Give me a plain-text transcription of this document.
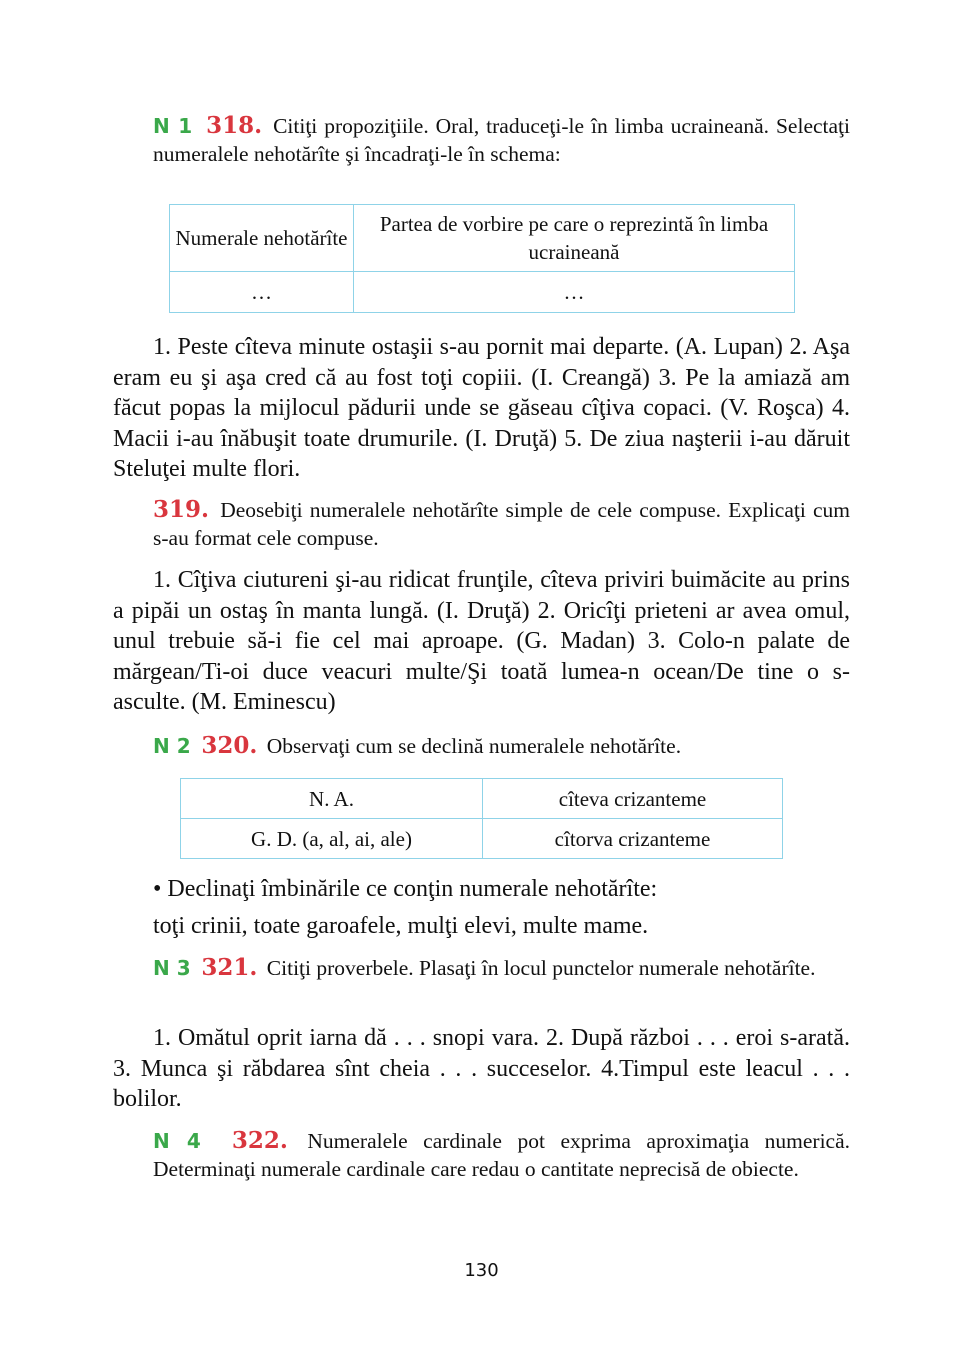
Ν 1 318. Citiţi propoziţiile. Oral, traduceţi-le în limba ucraineană. Selectaţi numeralele nehotărîte şi încadraţi-le în schema:

Numerale nehotărîte	Partea de vorbire pe care o reprezintă în limba ucraineană
…	…

1. Peste cîteva minute ostaşii s-au pornit mai departe. (A. Lupan) 2. Aşa eram eu şi aşa cred că au fost toţi copiii. (I. Creangă) 3. Pe la amiază am făcut popas la mijlocul pădurii unde se găseau cîţiva copaci. (V. Roşca) 4. Macii i-au înăbuşit toate drumurile. (I. Druţă) 5. De ziua naşterii i-au dăruit Steluţei multe flori.

319. Deosebiţi numeralele nehotărîte simple de cele compuse. Explicaţi cum s-au format cele compuse.

1. Cîţiva ciutureni şi-au ridicat frunţile, cîteva priviri buimăcite au prins a pipăi un ostaş în manta lungă. (I. Druţă) 2. Oricîţi prieteni ar avea omul, unul trebuie să-i fie cel mai aproape. (G. Madan) 3. Colo-n palate de mărgean/Ti-oi duce veacuri multe/Şi toată lumea-n ocean/De tine o s-asculte. (M. Eminescu)

Ν 2 320. Observaţi cum se declină numeralele nehotărîte.

N. A.	cîteva crizanteme
G. D. (a, al, ai, ale)	cîtorva crizanteme

• Declinaţi îmbinările ce conţin numerale nehotărîte:

toţi crinii, toate garoafele, mulţi elevi, multe mame.

Ν 3 321. Citiţi proverbele. Plasaţi în locul punctelor numerale nehotărîte.

1. Omătul oprit iarna dă . . . snopi vara. 2. După război . . . eroi s-arată. 3. Munca şi răbdarea sînt cheia . . . succeselor. 4.Timpul este leacul . . . bolilor.

Ν 4 322. Numeralele cardinale pot exprima aproximaţia numerică. Determinaţi numerale cardinale care redau o cantitate neprecisă de obiecte.

130
